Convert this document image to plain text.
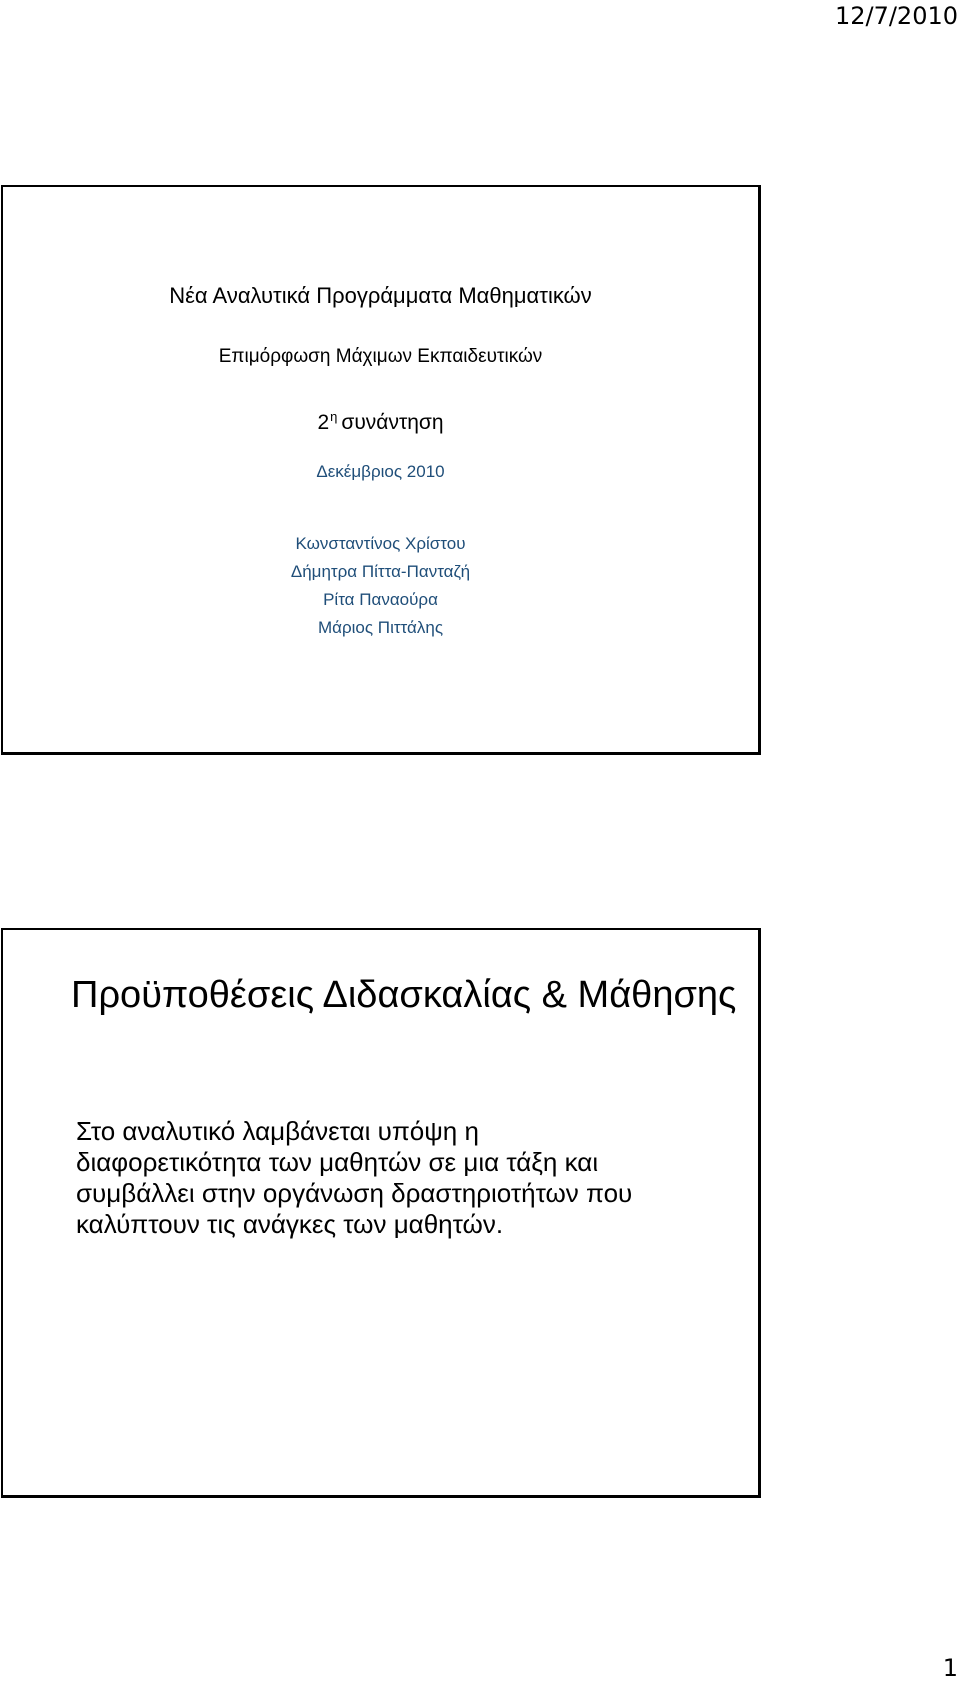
12/7/2010
Νέα Αναλυτικά Προγράμματα Μαθηματικών
Επιμόρφωση Μάχιμων Εκπαιδευτικών
$2^\eta$ συνάντηση
Δεκέμβριος 2010
Κωνσταντίνος Χρίστου
Δήμητρα Πίττα-Πανταζή
Ρίτα Παναούρα
Μάριος Πιττάλης
Προϋποθέσεις Διδασκαλίας & Μάθησης
Στο αναλυτικό λαμβάνεται υπόψη η
διαφορετικότητα των μαθητών σε μια τάξη και
συμβάλλει στην οργάνωση δραστηριοτήτων που
καλύπτουν τις ανάγκες των μαθητών.
1
